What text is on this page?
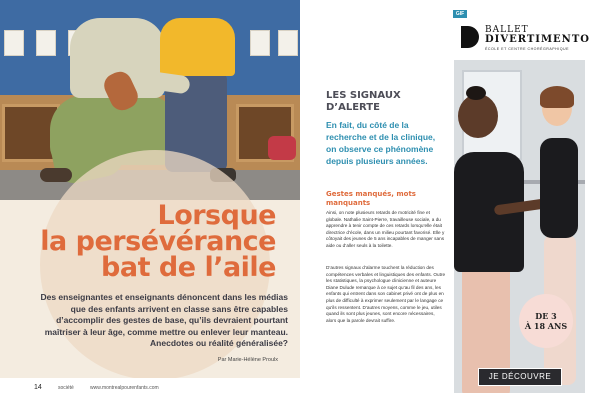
Lorsque
la persévérance
bat de l’aile

Des enseignantes et enseignants dénoncent dans les médias que des enfants arrivent en classe sans être capables d’accomplir des gestes de base, qu’ils devraient pourtant maîtriser à leur âge, comme mettre ou enlever leur manteau. Anecdotes ou réalité généralisée?

Par Marie-Hélène Proulx

14	société	www.montrealpourenfants.com
LES SIGNAUX D’ALERTE

En fait, du côté de la recherche et de la clinique, on observe ce phénomène depuis plusieurs années.

Gestes manqués, mots manquants

Ainsi, on note plusieurs retards de motricité fine et globale. Nathalie Saint-Pierre, travailleuse sociale, a du apprendre à tenir compte de ces retards lorsqu’elle était directrice d’école, dans un milieu pourtant favorisé. Elle y côtoyait des jeunes de 5 ans incapables de manger sans aide ou d’aller seuls à la toilette.

D’autres signaux d’alarme touchent la réduction des compétences verbales et linguistiques des enfants. Outre les statistiques, la psychologue clinicienne et auteure Diane Dulude remarque à ce sujet qu’au fil des ans, les enfants qui entrent dans son cabinet privé ont de plus en plus de difficulté à exprimer seulement par le langage ce qu’ils ressentent. D’autres moyens, comme le jeu, utiles quand ils sont plus jeunes, sont encore nécessaires, alors que la parole devrait suffire.

GIF
BALLET
DIVERTIMENTO
ÉCOLE ET CENTRE CHORÉGRAPHIQUE
DE 3
À 18 ANS
JE DÉCOUVRE
